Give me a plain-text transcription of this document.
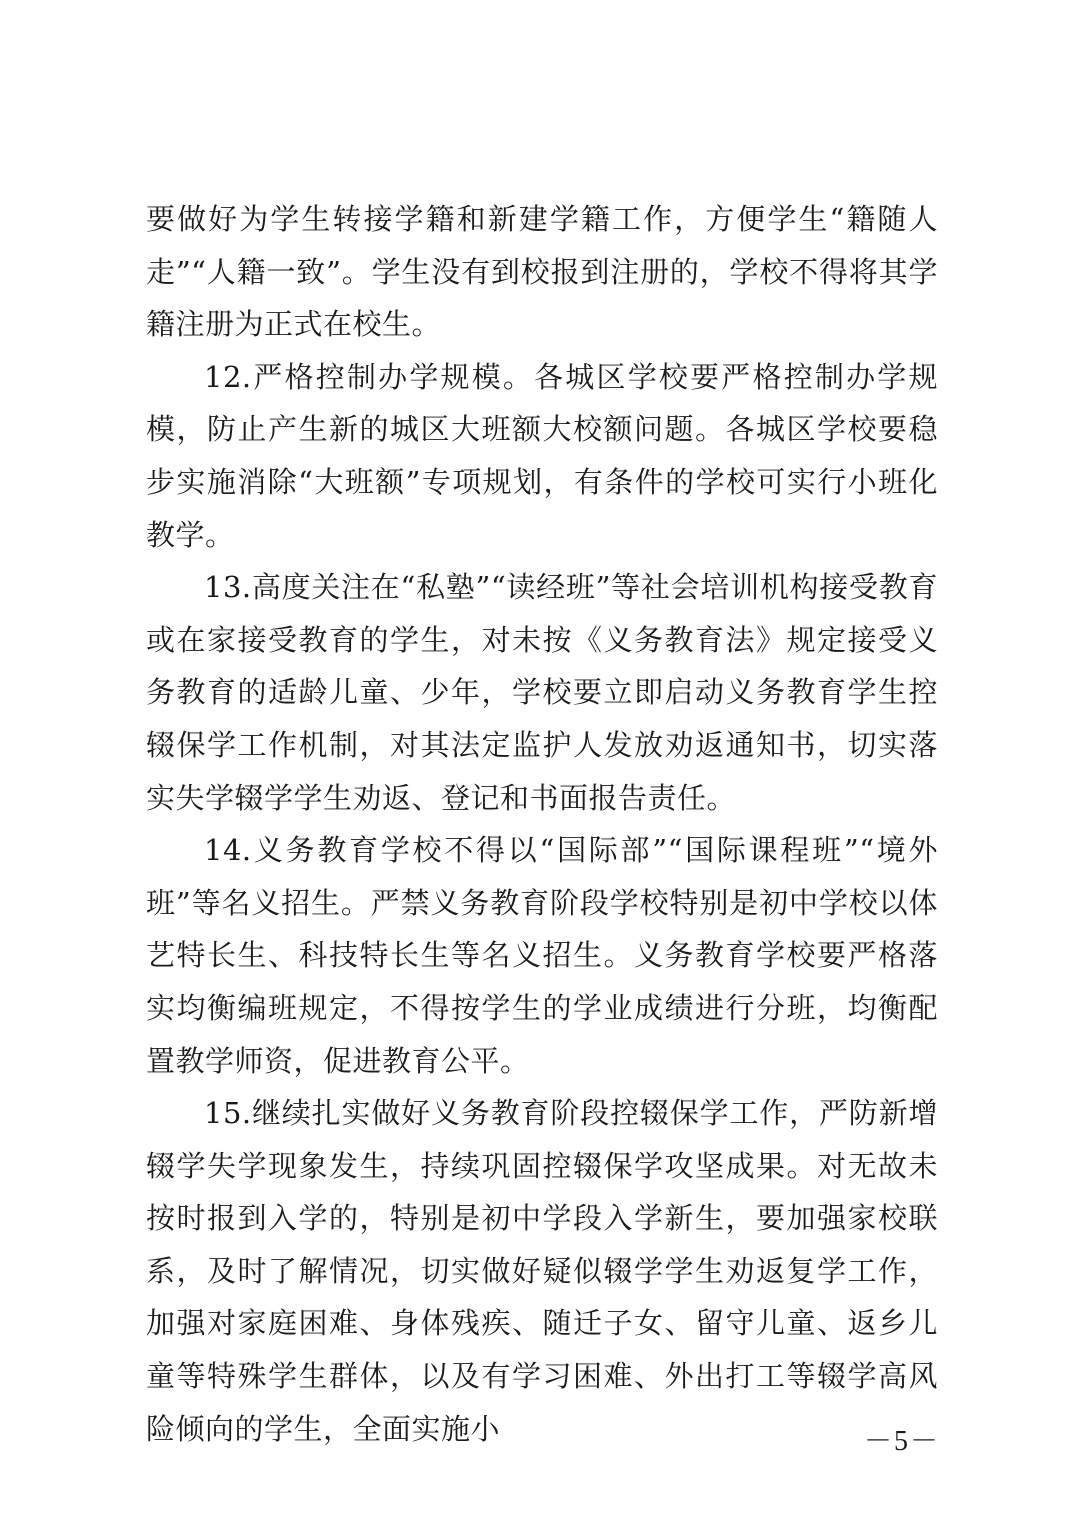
要做好为学生转接学籍和新建学籍工作，方便学生“籍随人走”“人籍一致”。学生没有到校报到注册的，学校不得将其学籍注册为正式在校生。

12.严格控制办学规模。各城区学校要严格控制办学规模，防止产生新的城区大班额大校额问题。各城区学校要稳步实施消除“大班额”专项规划，有条件的学校可实行小班化教学。

13.高度关注在“私塾”“读经班”等社会培训机构接受教育或在家接受教育的学生，对未按《义务教育法》规定接受义务教育的适龄儿童、少年，学校要立即启动义务教育学生控辍保学工作机制，对其法定监护人发放劝返通知书，切实落实失学辍学学生劝返、登记和书面报告责任。

14.义务教育学校不得以“国际部”“国际课程班”“境外班”等名义招生。严禁义务教育阶段学校特别是初中学校以体艺特长生、科技特长生等名义招生。义务教育学校要严格落实均衡编班规定，不得按学生的学业成绩进行分班，均衡配置教学师资，促进教育公平。

15.继续扎实做好义务教育阶段控辍保学工作，严防新增辍学失学现象发生，持续巩固控辍保学攻坚成果。对无故未按时报到入学的，特别是初中学段入学新生，要加强家校联系，及时了解情况，切实做好疑似辍学学生劝返复学工作，加强对家庭困难、身体残疾、随迁子女、留守儿童、返乡儿童等特殊学生群体，以及有学习困难、外出打工等辍学高风险倾向的学生，全面实施小	－5－
